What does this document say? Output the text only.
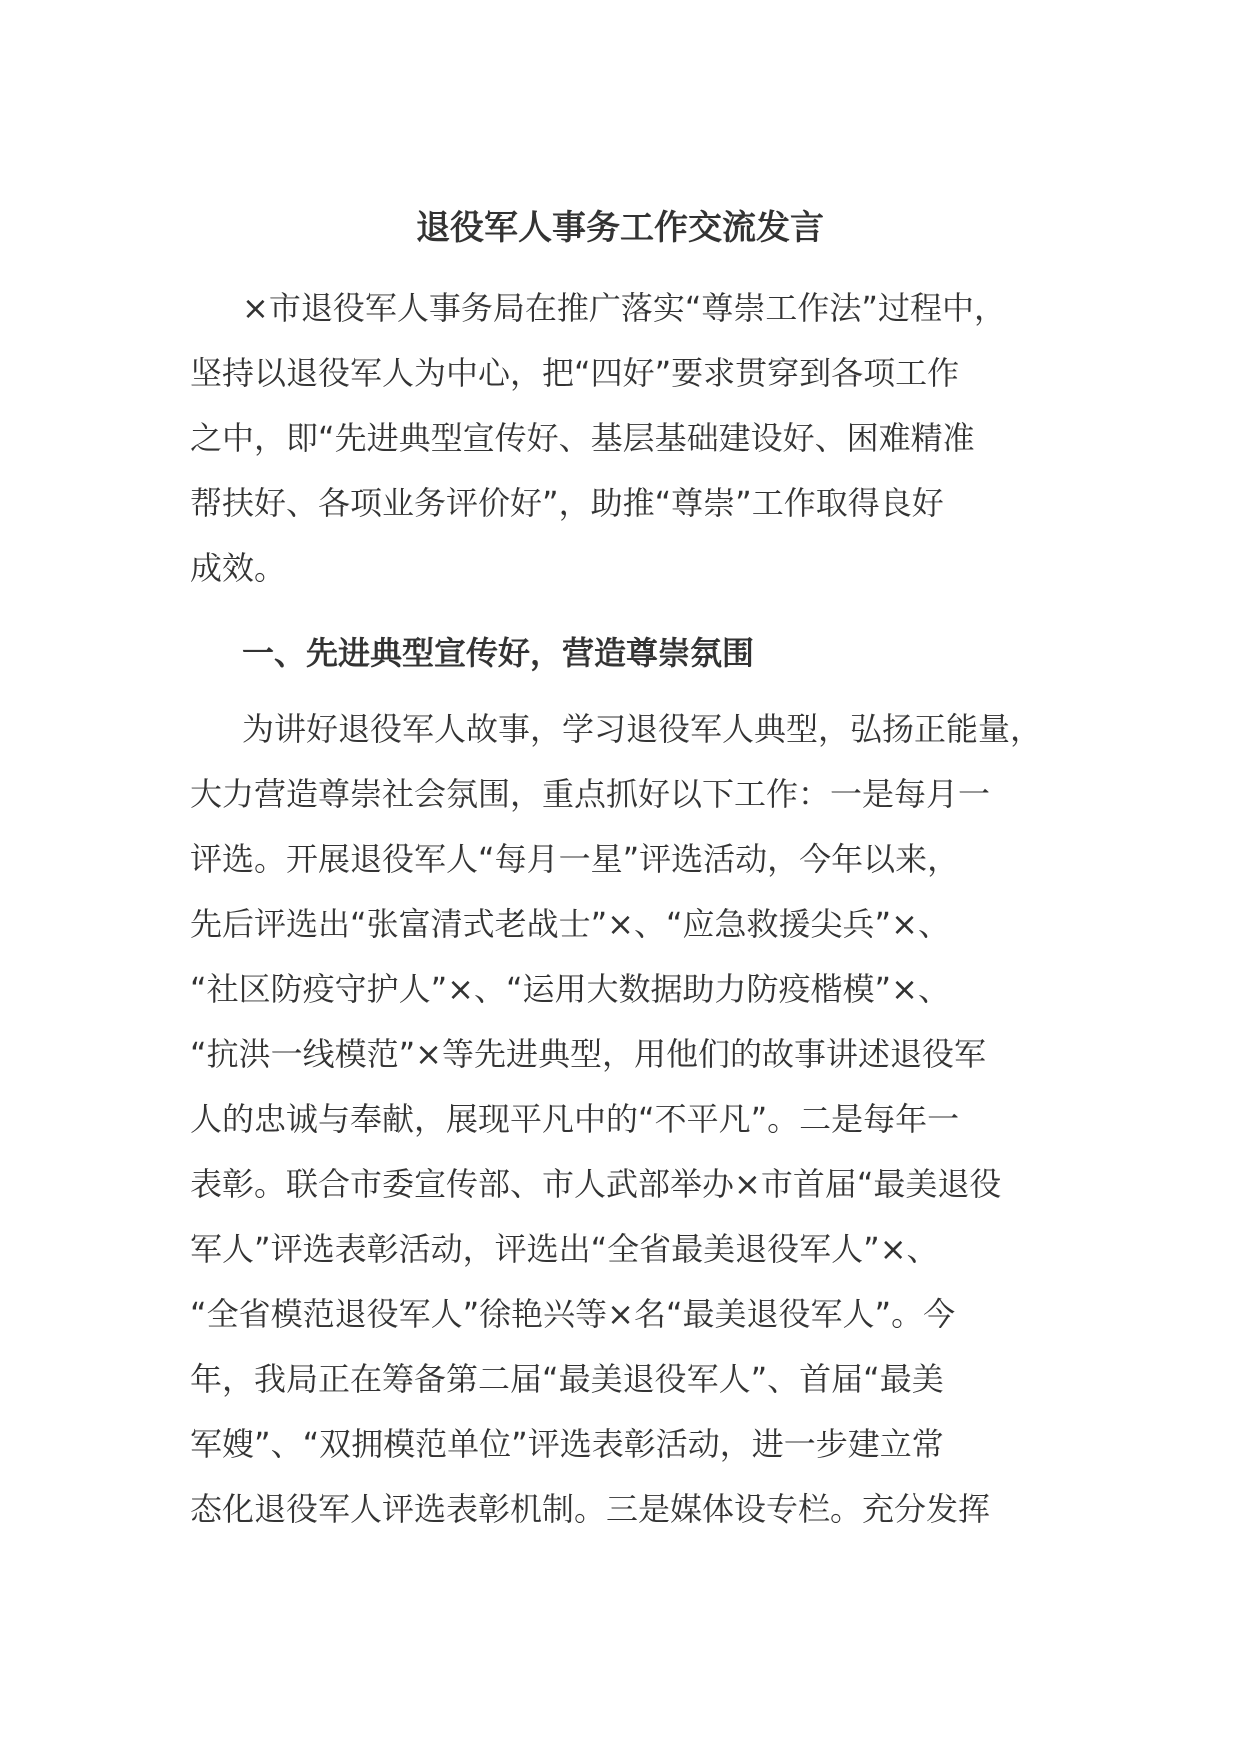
退役军人事务工作交流发言
×市退役军人事务局在推广落实“尊崇工作法”过程中，
坚持以退役军人为中心，把“四好”要求贯穿到各项工作
之中，即“先进典型宣传好、基层基础建设好、困难精准
帮扶好、各项业务评价好”，助推“尊崇”工作取得良好
成效。
一、先进典型宣传好，营造尊崇氛围
为讲好退役军人故事，学习退役军人典型，弘扬正能量，
大力营造尊崇社会氛围，重点抓好以下工作：一是每月一
评选。开展退役军人“每月一星”评选活动，今年以来，
先后评选出“张富清式老战士”×、“应急救援尖兵”×、
“社区防疫守护人”×、“运用大数据助力防疫楷模”×、
“抗洪一线模范”×等先进典型，用他们的故事讲述退役军
人的忠诚与奉献，展现平凡中的“不平凡”。二是每年一
表彰。联合市委宣传部、市人武部举办×市首届“最美退役
军人”评选表彰活动，评选出“全省最美退役军人”×、
“全省模范退役军人”徐艳兴等×名“最美退役军人”。今
年，我局正在筹备第二届“最美退役军人”、首届“最美
军嫂”、“双拥模范单位”评选表彰活动，进一步建立常
态化退役军人评选表彰机制。三是媒体设专栏。充分发挥
